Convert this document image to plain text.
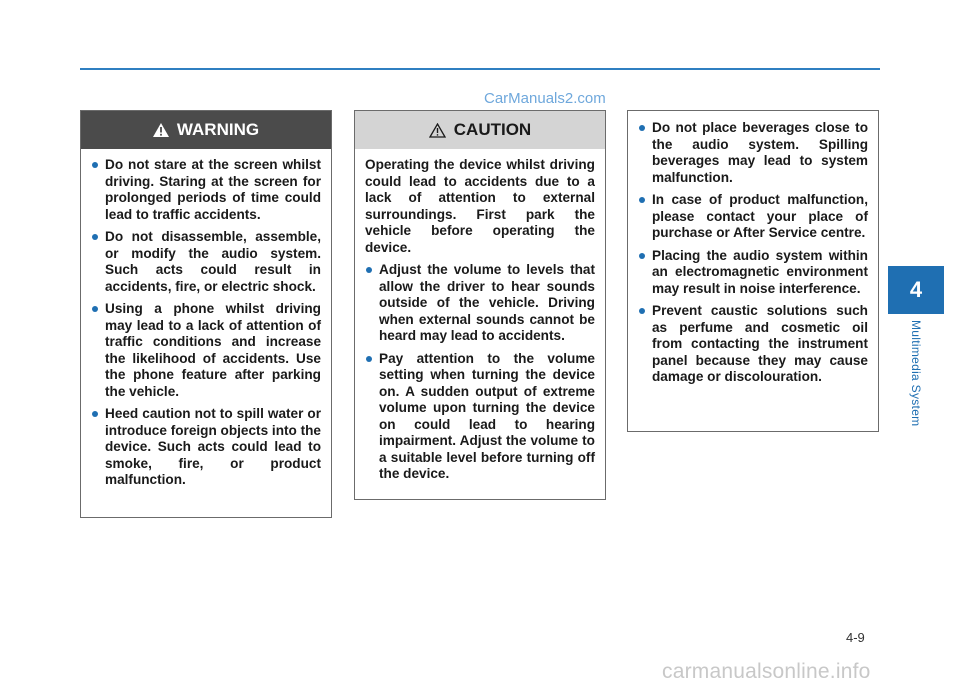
CarManuals2.com
WARNING
Do not stare at the screen whilst driving. Staring at the screen for prolonged periods of time could lead to traffic accidents.
Do not disassemble, assemble, or modify the audio system. Such acts could result in accidents, fire, or electric shock.
Using a phone whilst driving may lead to a lack of attention of traffic conditions and increase the likelihood of accidents. Use the phone feature after parking the vehicle.
Heed caution not to spill water or introduce foreign objects into the device. Such acts could lead to smoke, fire, or product malfunction.
CAUTION
Operating the device whilst driving could lead to accidents due to a lack of attention to external surroundings. First park the vehicle before operating the device.
Adjust the volume to levels that allow the driver to hear sounds outside of the vehicle. Driving when external sounds cannot be heard may lead to accidents.
Pay attention to the volume setting when turning the device on. A sudden output of extreme volume upon turning the device on could lead to hearing impairment. Adjust the volume to a suitable level before turning off the device.
Do not place beverages close to the audio system. Spilling beverages may lead to system malfunction.
In case of product malfunction, please contact your place of purchase or After Service centre.
Placing the audio system within an electromagnetic environment may result in noise interference.
Prevent caustic solutions such as perfume and cosmetic oil from contacting the instrument panel because they may cause damage or discolouration.
4
Multimedia System
4-9
carmanualsonline.info
